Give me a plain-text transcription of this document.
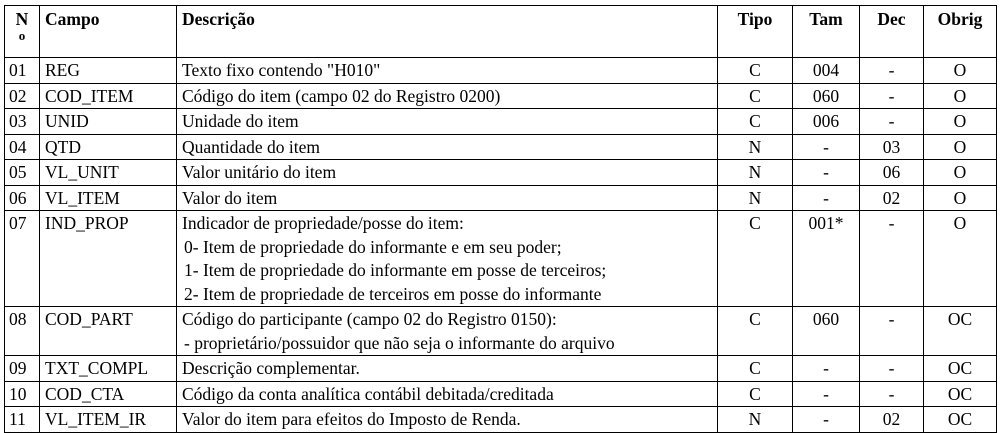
N
o	Campo	Descrição	Tipo	Tam	Dec	Obrig
01	REG	Texto fixo contendo "H010"	C	004	-	O
02	COD_ITEM	Código do item (campo 02 do Registro 0200)	C	060	-	O
03	UNID	Unidade do item	C	006	-	O
04	QTD	Quantidade do item	N	-	03	O
05	VL_UNIT	Valor unitário do item	N	-	06	O
06	VL_ITEM	Valor do item	N	-	02	O
07	IND_PROP	Indicador de propriedade/posse do item:
0- Item de propriedade do informante e em seu poder;
1- Item de propriedade do informante em posse de terceiros;
2- Item de propriedade de terceiros em posse do informante	C	001*	-	O
08	COD_PART	Código do participante (campo 02 do Registro 0150):
- proprietário/possuidor que não seja o informante do arquivo	C	060	-	OC
09	TXT_COMPL	Descrição complementar.	C	-	-	OC
10	COD_CTA	Código da conta analítica contábil debitada/creditada	C	-	-	OC
11	VL_ITEM_IR	Valor do item para efeitos do Imposto de Renda.	N	-	02	OC
